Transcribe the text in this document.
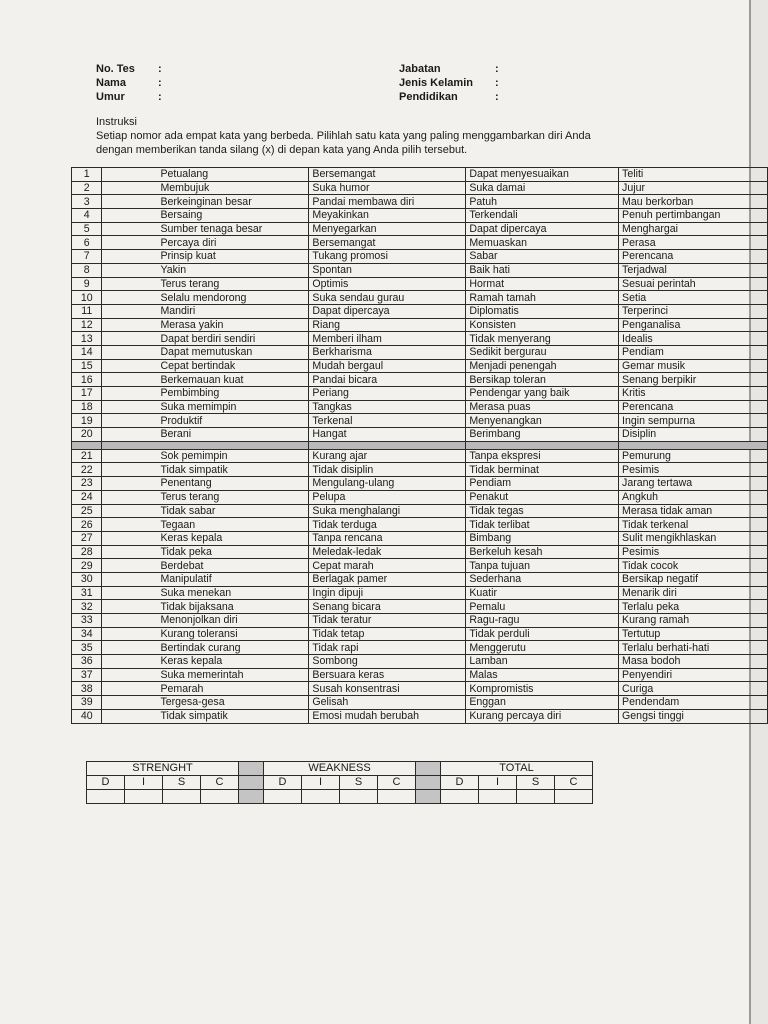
No. Tes	:
Nama	:
Umur	:
Jabatan	:
Jenis Kelamin	:
Pendidikan	:
Instruksi
Setiap nomor ada empat kata yang berbeda. Pilihlah satu kata yang paling menggambarkan diri Anda
dengan memberikan tanda silang (x) di depan kata yang Anda pilih tersebut.
1	Petualang	Bersemangat	Dapat menyesuaikan	Teliti
2	Membujuk	Suka humor	Suka damai	Jujur
3	Berkeinginan besar	Pandai membawa diri	Patuh	Mau berkorban
4	Bersaing	Meyakinkan	Terkendali	Penuh pertimbangan
5	Sumber tenaga besar	Menyegarkan	Dapat dipercaya	Menghargai
6	Percaya diri	Bersemangat	Memuaskan	Perasa
7	Prinsip kuat	Tukang promosi	Sabar	Perencana
8	Yakin	Spontan	Baik hati	Terjadwal
9	Terus terang	Optimis	Hormat	Sesuai perintah
10	Selalu mendorong	Suka sendau gurau	Ramah tamah	Setia
11	Mandiri	Dapat dipercaya	Diplomatis	Terperinci
12	Merasa yakin	Riang	Konsisten	Penganalisa
13	Dapat berdiri sendiri	Memberi ilham	Tidak menyerang	Idealis
14	Dapat memutuskan	Berkharisma	Sedikit bergurau	Pendiam
15	Cepat bertindak	Mudah bergaul	Menjadi penengah	Gemar musik
16	Berkemauan kuat	Pandai bicara	Bersikap toleran	Senang berpikir
17	Pembimbing	Periang	Pendengar yang baik	Kritis
18	Suka memimpin	Tangkas	Merasa puas	Perencana
19	Produktif	Terkenal	Menyenangkan	Ingin sempurna
20	Berani	Hangat	Berimbang	Disiplin

21	Sok pemimpin	Kurang ajar	Tanpa ekspresi	Pemurung
22	Tidak simpatik	Tidak disiplin	Tidak berminat	Pesimis
23	Penentang	Mengulang-ulang	Pendiam	Jarang tertawa
24	Terus terang	Pelupa	Penakut	Angkuh
25	Tidak sabar	Suka menghalangi	Tidak tegas	Merasa tidak aman
26	Tegaan	Tidak terduga	Tidak terlibat	Tidak terkenal
27	Keras kepala	Tanpa rencana	Bimbang	Sulit mengikhlaskan
28	Tidak peka	Meledak-ledak	Berkeluh kesah	Pesimis
29	Berdebat	Cepat marah	Tanpa tujuan	Tidak cocok
30	Manipulatif	Berlagak pamer	Sederhana	Bersikap negatif
31	Suka menekan	Ingin dipuji	Kuatir	Menarik diri
32	Tidak bijaksana	Senang bicara	Pemalu	Terlalu peka
33	Menonjolkan diri	Tidak teratur	Ragu-ragu	Kurang ramah
34	Kurang toleransi	Tidak tetap	Tidak perduli	Tertutup
35	Bertindak curang	Tidak rapi	Menggerutu	Terlalu berhati-hati
36	Keras kepala	Sombong	Lamban	Masa bodoh
37	Suka memerintah	Bersuara keras	Malas	Penyendiri
38	Pemarah	Susah konsentrasi	Kompromistis	Curiga
39	Tergesa-gesa	Gelisah	Enggan	Pendendam
40	Tidak simpatik	Emosi mudah berubah	Kurang percaya diri	Gengsi tinggi
STRENGHT					WEAKNESS					TOTAL			
D	I	S	C		D	I	S	C		D	I	S	C
